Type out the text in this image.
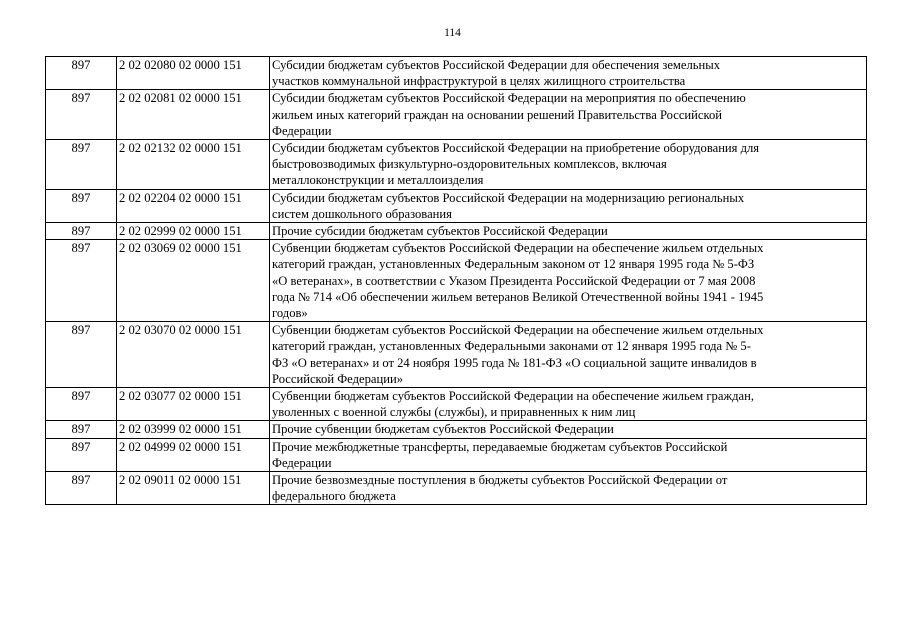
114
897	2 02 02080 02 0000 151	Субсидии бюджетам субъектов Российской Федерации для обеспечения земельных
участков коммунальной инфраструктурой в целях жилищного строительства

897	2 02 02081 02 0000 151	Субсидии бюджетам субъектов Российской Федерации на мероприятия по обеспечению
жильем иных категорий граждан на основании решений Правительства Российской
Федерации

897	2 02 02132 02 0000 151	Субсидии бюджетам субъектов Российской Федерации на приобретение оборудования для
быстровозводимых физкультурно-оздоровительных комплексов, включая
металлоконструкции и металлоизделия

897	2 02 02204 02 0000 151	Субсидии бюджетам субъектов Российской Федерации на модернизацию региональных
систем дошкольного образования

897	2 02 02999 02 0000 151	Прочие субсидии бюджетам субъектов Российской Федерации

897	2 02 03069 02 0000 151	Субвенции бюджетам субъектов Российской Федерации на обеспечение жильем отдельных
категорий граждан, установленных Федеральным законом от 12 января 1995 года № 5-ФЗ
«О ветеранах», в соответствии с Указом Президента Российской Федерации от 7 мая 2008
года № 714 «Об обеспечении жильем ветеранов Великой Отечественной войны 1941 - 1945
годов»

897	2 02 03070 02 0000 151	Субвенции бюджетам субъектов Российской Федерации на обеспечение жильем отдельных
категорий граждан, установленных Федеральными законами от 12 января 1995 года № 5-
ФЗ «О ветеранах» и от 24 ноября 1995 года № 181-ФЗ «О социальной защите инвалидов в
Российской Федерации»

897	2 02 03077 02 0000 151	Субвенции бюджетам субъектов Российской Федерации на обеспечение жильем граждан,
уволенных с военной службы (службы), и приравненных к ним лиц

897	2 02 03999 02 0000 151	Прочие субвенции бюджетам субъектов Российской Федерации

897	2 02 04999 02 0000 151	Прочие межбюджетные трансферты, передаваемые бюджетам субъектов Российской
Федерации

897	2 02 09011 02 0000 151	Прочие безвозмездные поступления в бюджеты субъектов Российской Федерации от
федерального бюджета
